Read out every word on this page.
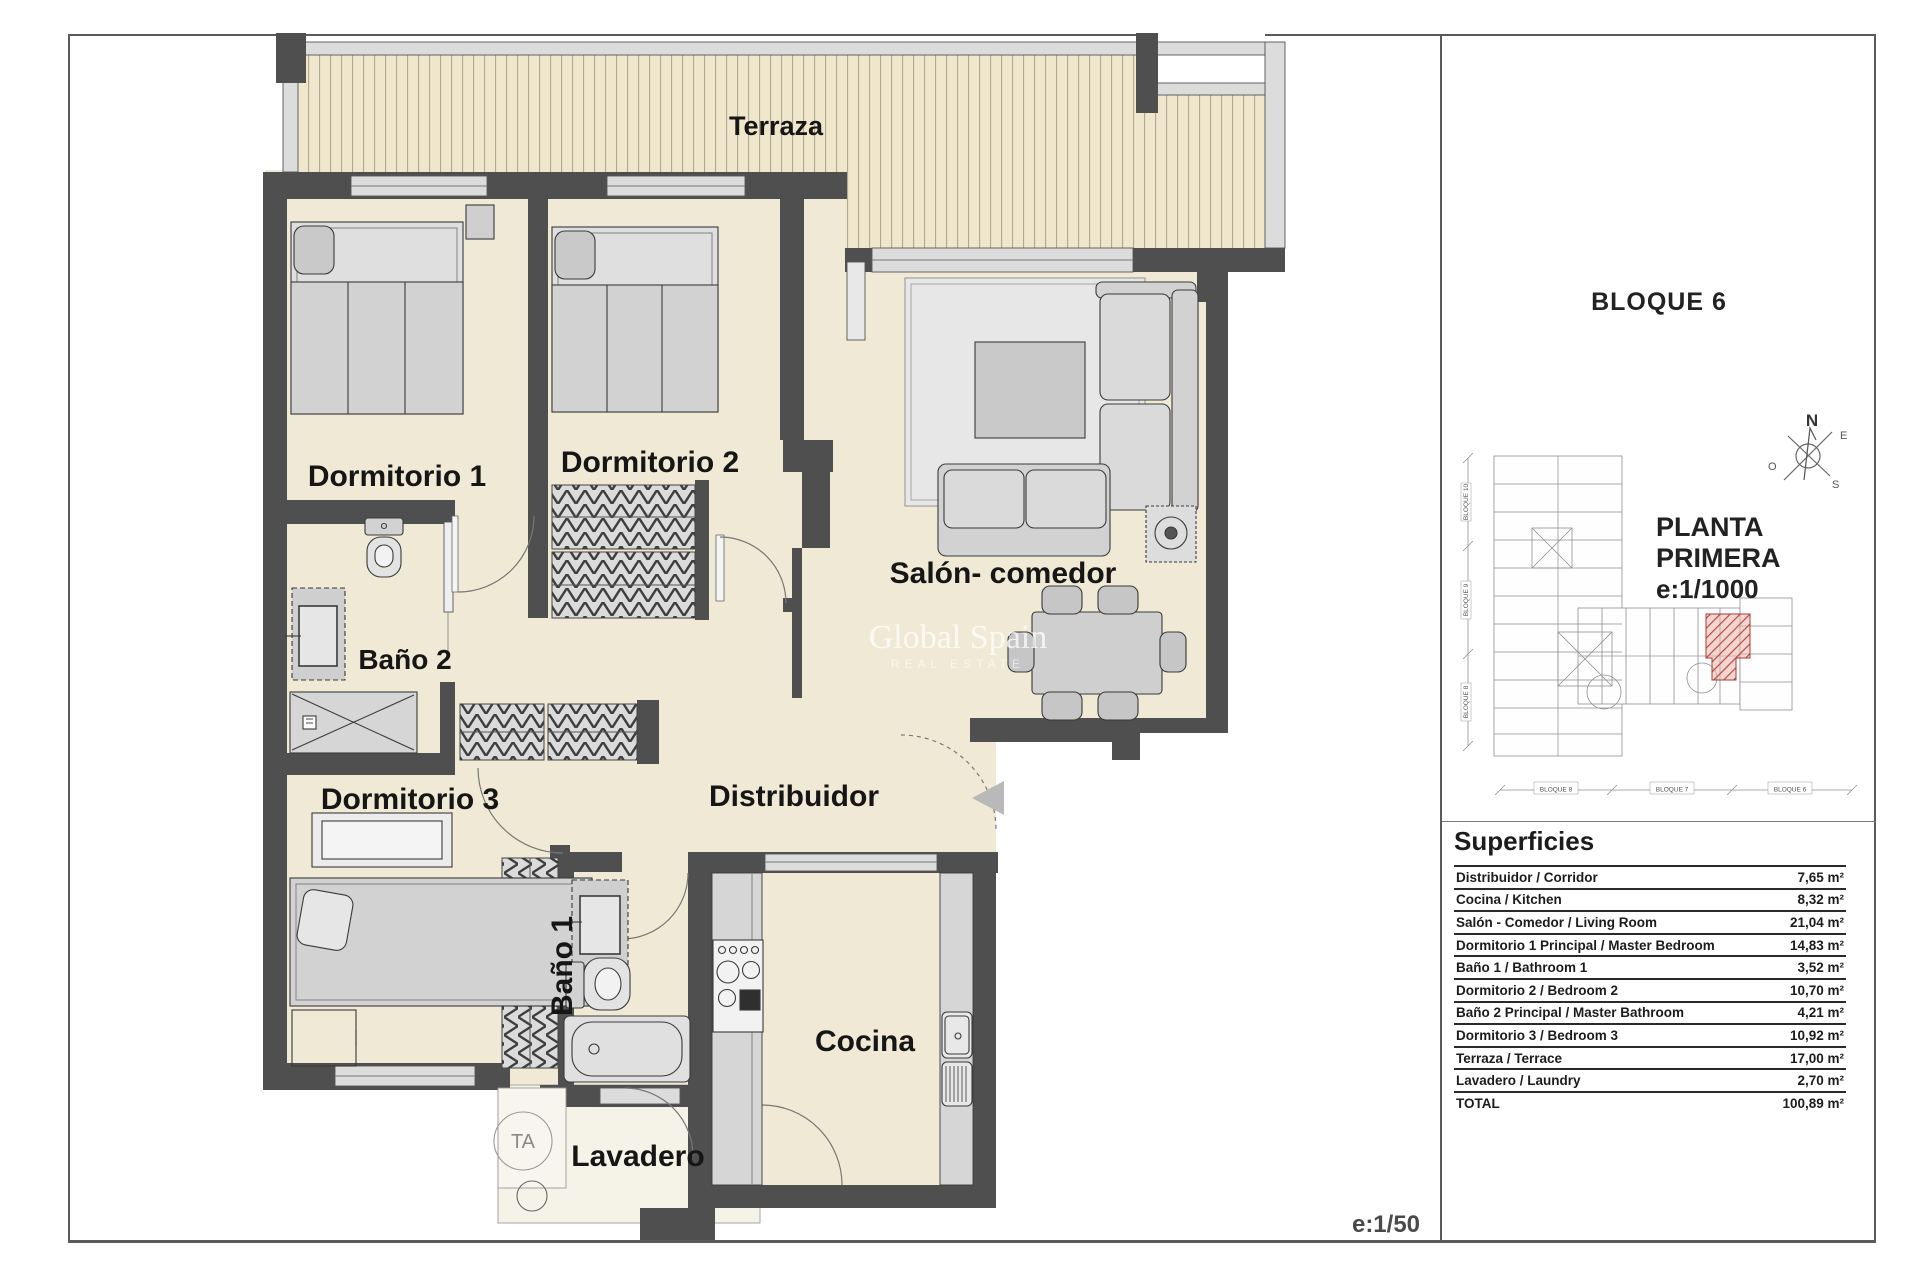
Terraza
Dormitorio 1 Dormitorio 2
Salón- comedor
Baño 2
Dormitorio 3	Distribuidor
Baño 1
Cocina
Lavadero
TA
e:1/50
Global Spain
REAL ESTATE
BLOQUE 6
N
E
O
S
BLOQUE 10
BLOQUE 9
BLOQUE 8
BLOQUE 8	BLOQUE 7	BLOQUE 6
PLANTA PRIMERA
e:1/1000
Superficies
Distribuidor / Corridor	7,65 m²
Cocina / Kitchen	8,32 m²
Salón - Comedor / Living Room	21,04 m²
Dormitorio 1 Principal / Master Bedroom	14,83 m²
Baño 1 / Bathroom 1	3,52 m²
Dormitorio 2 / Bedroom 2	10,70 m²
Baño 2 Principal / Master Bathroom	4,21 m²
Dormitorio 3 / Bedroom 3	10,92 m²
Terraza / Terrace	17,00 m²
Lavadero / Laundry	2,70 m²
TOTAL	100,89 m²
